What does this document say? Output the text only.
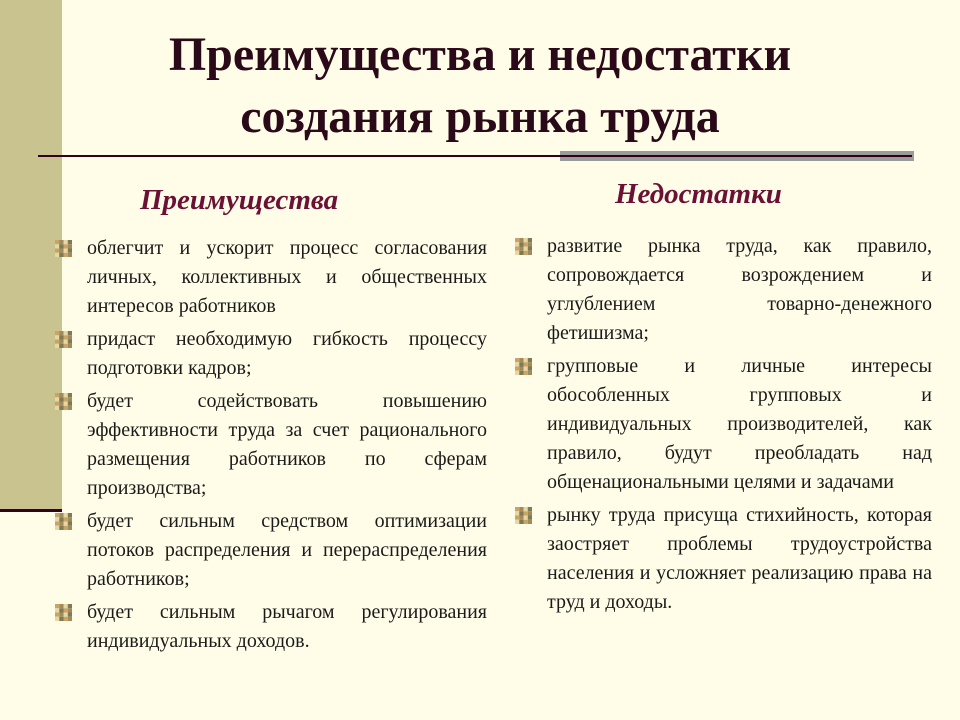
Преимущества и недостатки
создания рынка труда
Преимущества	Недостатки
облегчит и ускорит процесс согласования личных, коллективных и общественных интересов работников
придаст необходимую гибкость процессу подготовки кадров;
будет содействовать повышению эффективности труда за счет рационального размещения работников по сферам производства;
будет сильным средством оптимизации потоков распределения и перераспределения работников;
будет сильным рычагом регулирования индивидуальных доходов.
развитие рынка труда, как правило, сопровождается возрождением и углублением товарно-денежного фетишизма;
групповые и личные интересы обособленных групповых и индивидуальных производителей, как правило, будут преобладать над общенациональными целями и задачами
рынку труда присуща стихийность, которая заостряет проблемы трудоустройства населения и усложняет реализацию права на труд и доходы.
